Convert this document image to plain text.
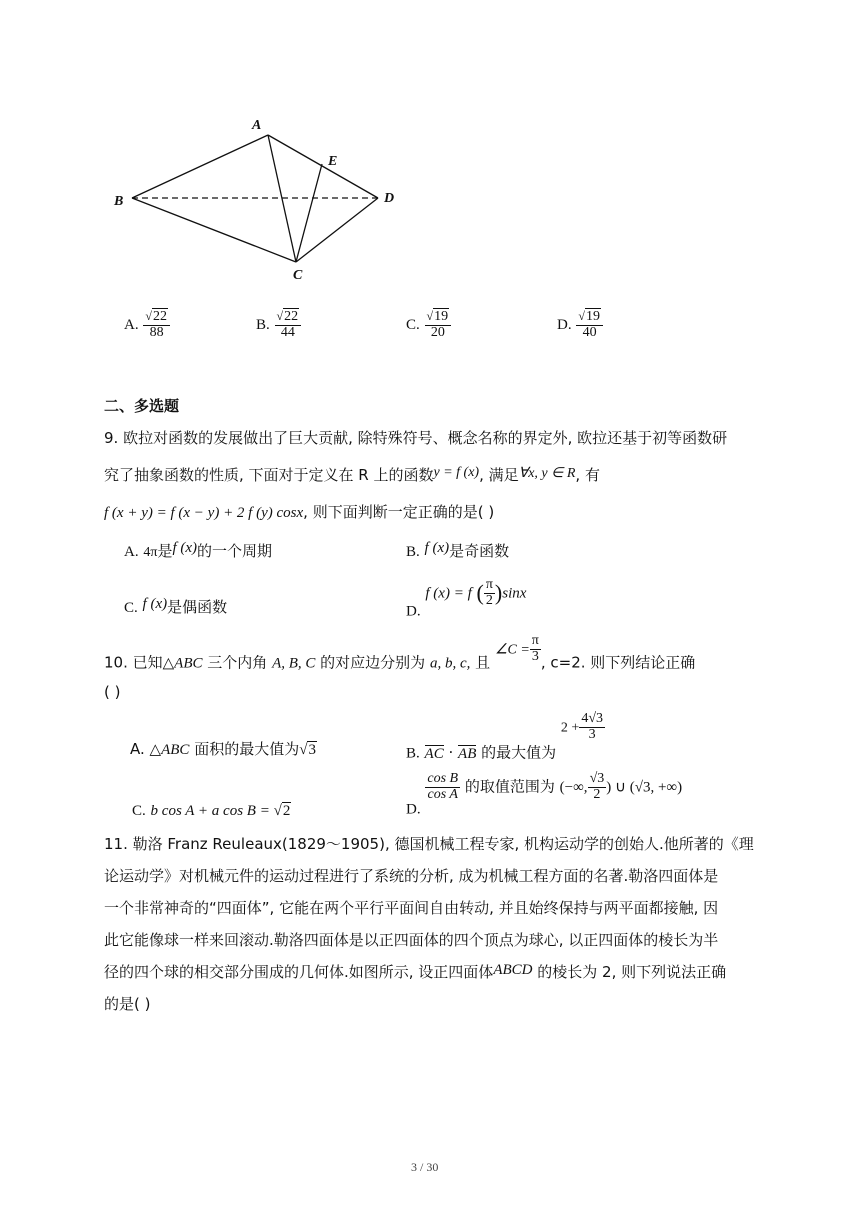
A
B
C
D
E
A. $\frac{√22}{88}$	B. $\frac{√22}{44}$	C. $\frac{√19}{20}$	D. $\frac{√19}{40}$
二、多选题
9. 欧拉对函数的发展做出了巨大贡献, 除特殊符号、概念名称的界定外, 欧拉还基于初等函数研
究了抽象函数的性质, 下面对于定义在 R 上的函数y = f (x), 满足∀x, y ∈ R, 有
f (x + y) = f (x − y) + 2 f (y) cosx, 则下面判断一定正确的是( )
A. 4π是f (x)的一个周期	B. f (x)是奇函数
C. f (x)是偶函数	D. f (x) = f ( $\frac{\pi}{2} )\sin x$
10. 已知△ABC 三个内角 A, B, C 的对应边分别为 a, b, c, 且 ∠C = $\frac{\pi}{3}$ , c=2. 则下列结论正确
( )
A. △ABC 面积的最大值为√3	B. AC · AB 的最大值为 $2 + \frac{4√3}{3}$
C. b cos A + a cos B = √2	D.
$\frac{\text{cos B}}{\text{cos A}}$ 的取值范围为 (−∞, $\frac{√3}{2}$ ) ∪ (√3, +∞)
11. 勒洛 Franz Reuleaux(1829～1905), 德国机械工程专家, 机构运动学的创始人.他所著的《理
论运动学》对机械元件的运动过程进行了系统的分析, 成为机械工程方面的名著.勒洛四面体是
一个非常神奇的“四面体”, 它能在两个平行平面间自由转动, 并且始终保持与两平面都接触, 因
此它能像球一样来回滚动.勒洛四面体是以正四面体的四个顶点为球心, 以正四面体的棱长为半
径的四个球的相交部分围成的几何体.如图所示, 设正四面体ABCD 的棱长为 2, 则下列说法正确
的是( )
3 / 30
